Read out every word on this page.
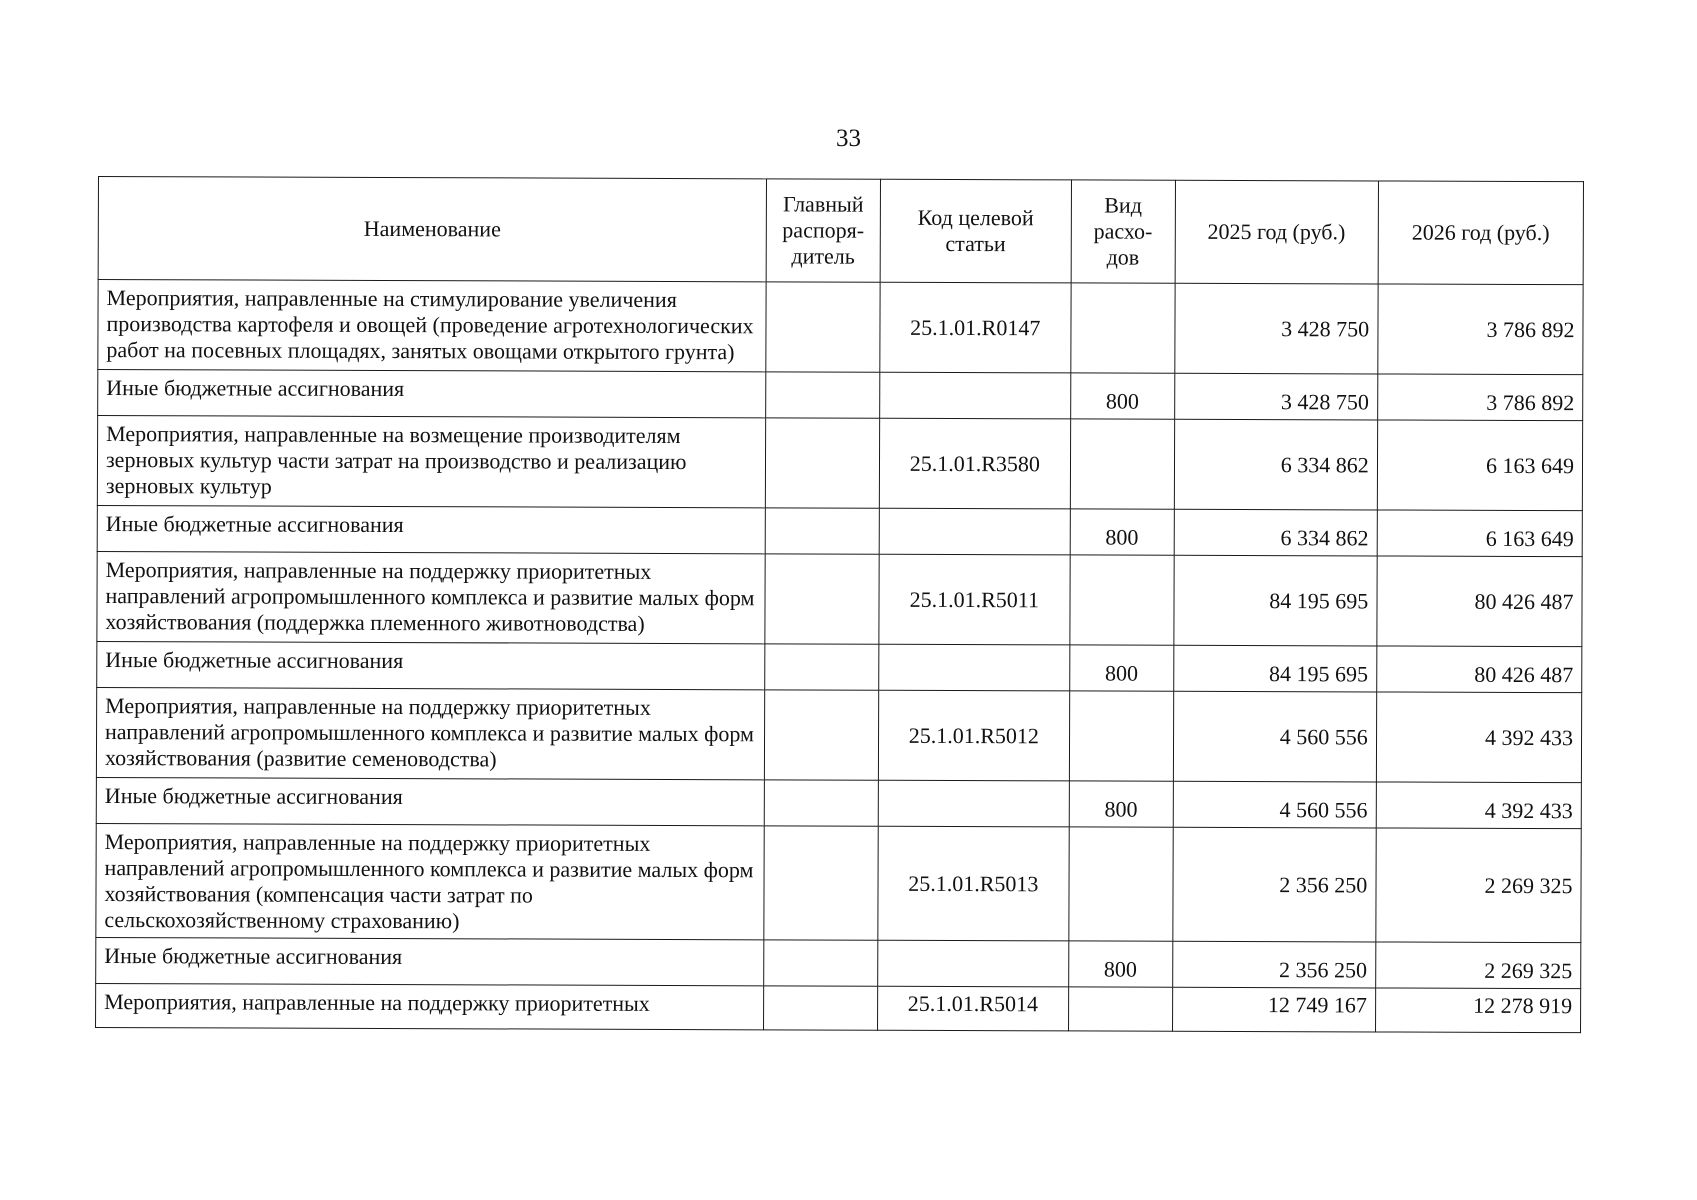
33
Наименование	Главный распоря-дитель	Код целевой статьи	Вид расхо-дов	2025 год (руб.)	2026 год (руб.)
Мероприятия, направленные на стимулирование увеличения производства картофеля и овощей (проведение агротехнологических работ на посевных площадях, занятых овощами открытого грунта)		25.1.01.R0147		3 428 750	3 786 892
Иные бюджетные ассигнования			800	3 428 750	3 786 892
Мероприятия, направленные на возмещение производителям зерновых культур части затрат на производство и реализацию зерновых культур		25.1.01.R3580		6 334 862	6 163 649
Иные бюджетные ассигнования			800	6 334 862	6 163 649
Мероприятия, направленные на поддержку приоритетных направлений агропромышленного комплекса и развитие малых форм хозяйствования (поддержка племенного животноводства)		25.1.01.R5011		84 195 695	80 426 487
Иные бюджетные ассигнования			800	84 195 695	80 426 487
Мероприятия, направленные на поддержку приоритетных направлений агропромышленного комплекса и развитие малых форм хозяйствования (развитие семеноводства)		25.1.01.R5012		4 560 556	4 392 433
Иные бюджетные ассигнования			800	4 560 556	4 392 433
Мероприятия, направленные на поддержку приоритетных направлений агропромышленного комплекса и развитие малых форм хозяйствования (компенсация части затрат по сельскохозяйственному страхованию)		25.1.01.R5013		2 356 250	2 269 325
Иные бюджетные ассигнования			800	2 356 250	2 269 325
Мероприятия, направленные на поддержку приоритетных		25.1.01.R5014		12 749 167	12 278 919
